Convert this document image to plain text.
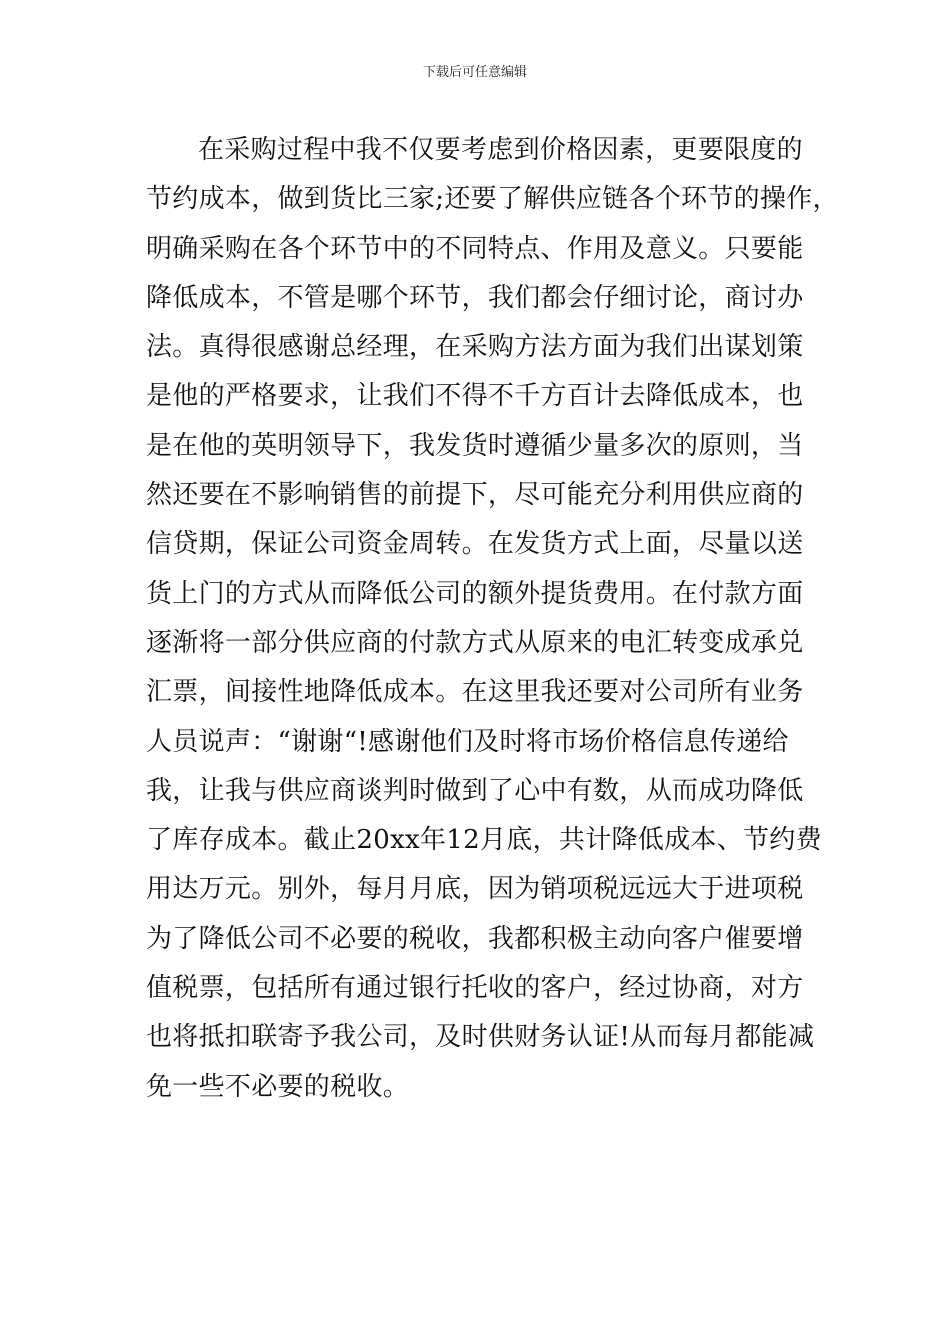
下载后可任意编辑
在采购过程中我不仅要考虑到价格因素，更要限度的
节约成本，做到货比三家;还要了解供应链各个环节的操作，
明确采购在各个环节中的不同特点、作用及意义。只要能
降低成本，不管是哪个环节，我们都会仔细讨论，商讨办
法。真得很感谢总经理，在采购方法方面为我们出谋划策
是他的严格要求，让我们不得不千方百计去降低成本，也
是在他的英明领导下，我发货时遵循少量多次的原则，当
然还要在不影响销售的前提下，尽可能充分利用供应商的
信贷期，保证公司资金周转。在发货方式上面，尽量以送
货上门的方式从而降低公司的额外提货费用。在付款方面
逐渐将一部分供应商的付款方式从原来的电汇转变成承兑
汇票，间接性地降低成本。在这里我还要对公司所有业务
人员说声：“谢谢“!感谢他们及时将市场价格信息传递给
我，让我与供应商谈判时做到了心中有数，从而成功降低
了库存成本。截止20xx年12月底，共计降低成本、节约费
用达万元。别外，每月月底，因为销项税远远大于进项税
为了降低公司不必要的税收，我都积极主动向客户催要增
值税票，包括所有通过银行托收的客户，经过协商，对方
也将抵扣联寄予我公司，及时供财务认证!从而每月都能减
免一些不必要的税收。
